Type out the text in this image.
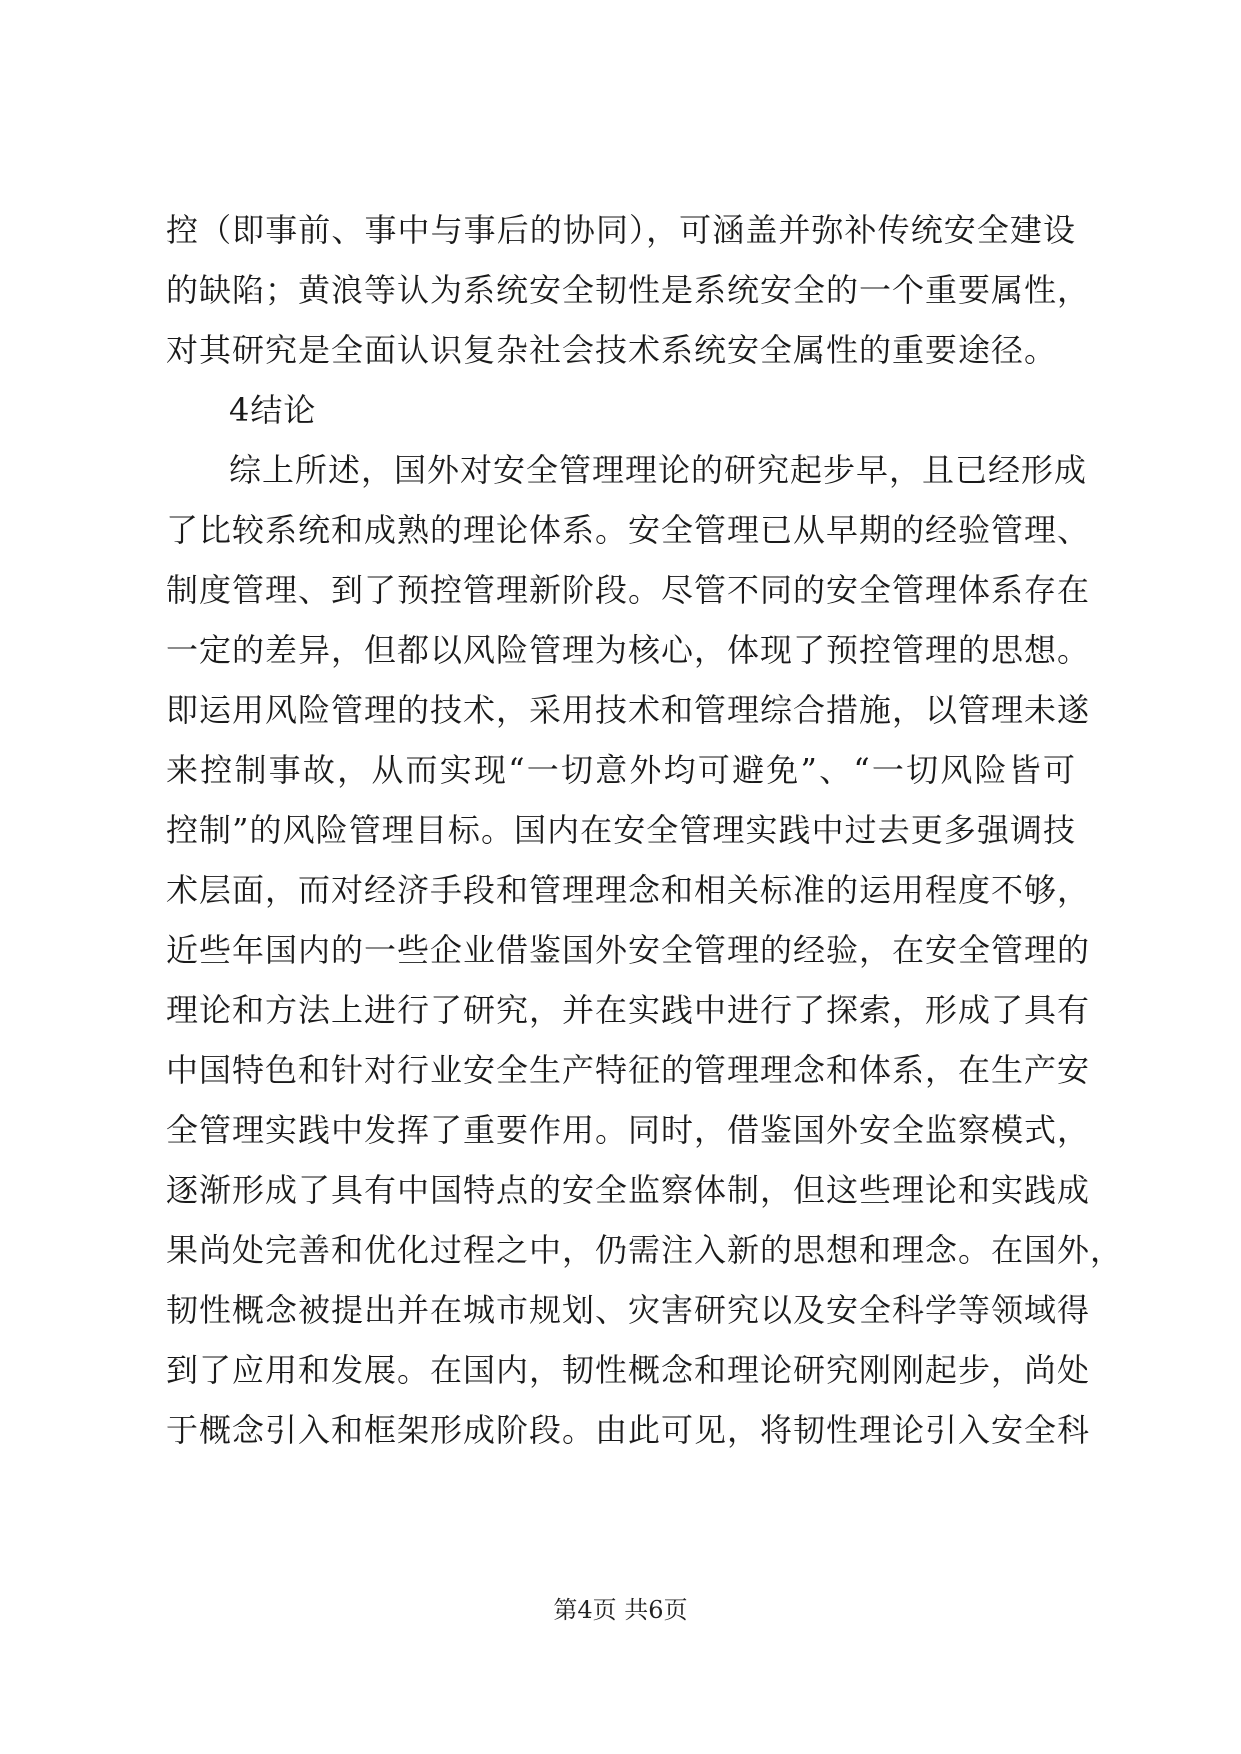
控（即事前、事中与事后的协同），可涵盖并弥补传统安全建设
的缺陷；黄浪等认为系统安全韧性是系统安全的一个重要属性，
对其研究是全面认识复杂社会技术系统安全属性的重要途径。
4结论
综上所述，国外对安全管理理论的研究起步早，且已经形成
了比较系统和成熟的理论体系。安全管理已从早期的经验管理、
制度管理、到了预控管理新阶段。尽管不同的安全管理体系存在
一定的差异，但都以风险管理为核心，体现了预控管理的思想。
即运用风险管理的技术，采用技术和管理综合措施，以管理未遂
来控制事故，从而实现“一切意外均可避免”、“一切风险皆可
控制”的风险管理目标。国内在安全管理实践中过去更多强调技
术层面，而对经济手段和管理理念和相关标准的运用程度不够，
近些年国内的一些企业借鉴国外安全管理的经验，在安全管理的
理论和方法上进行了研究，并在实践中进行了探索，形成了具有
中国特色和针对行业安全生产特征的管理理念和体系，在生产安
全管理实践中发挥了重要作用。同时，借鉴国外安全监察模式，
逐渐形成了具有中国特点的安全监察体制，但这些理论和实践成
果尚处完善和优化过程之中，仍需注入新的思想和理念。在国外，
韧性概念被提出并在城市规划、灾害研究以及安全科学等领域得
到了应用和发展。在国内，韧性概念和理论研究刚刚起步，尚处
于概念引入和框架形成阶段。由此可见，将韧性理论引入安全科
第4页 共6页
